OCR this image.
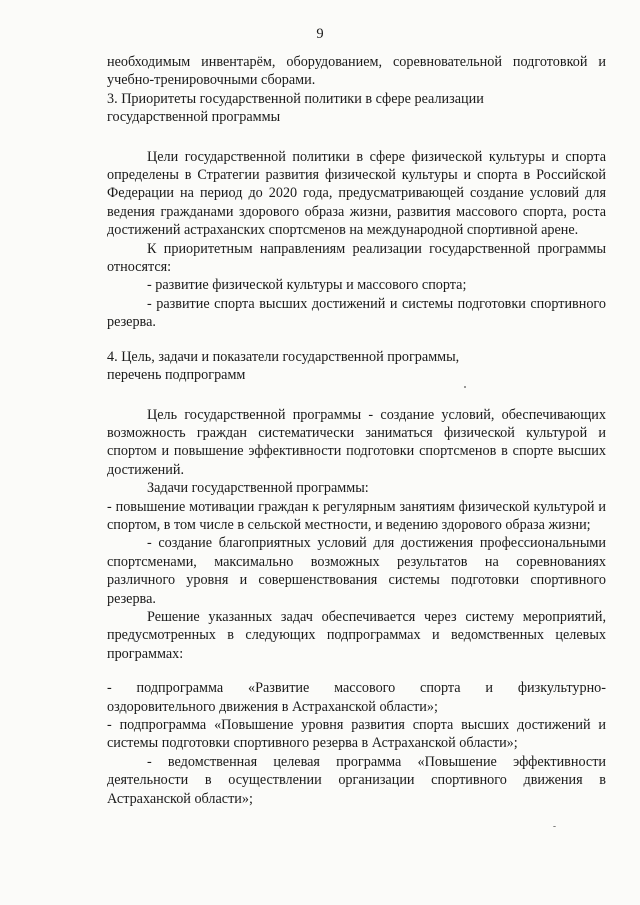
9

необходимым инвентарём, оборудованием, соревновательной подготовкой и учебно-тренировочными сборами.

3. Приоритеты государственной политики в сфере реализации

государственной программы

Цели государственной политики в сфере физической культуры и спорта определены в Стратегии развития физической культуры и спорта в Российской Федерации на период до 2020 года, предусматривающей создание условий для ведения гражданами здорового образа жизни, развития массового спорта, роста достижений астраханских спортсменов на международной спортивной арене.

К приоритетным направлениям реализации государственной программы относятся:

- развитие физической культуры и массового спорта;

- развитие спорта высших достижений и системы подготовки спортивного резерва.

4. Цель, задачи и показатели государственной программы,

перечень подпрограмм

Цель государственной программы - создание условий, обеспечивающих возможность граждан систематически заниматься физической культурой и спортом и повышение эффективности подготовки спортсменов в спорте высших достижений.

Задачи государственной программы:

- повышение мотивации граждан к регулярным занятиям физической культурой и спортом, в том числе в сельской местности, и ведению здорового образа жизни;

- создание благоприятных условий для достижения профессиональными спортсменами, максимально возможных результатов на соревнованиях различного уровня и совершенствования системы подготовки спортивного резерва.

Решение указанных задач обеспечивается через систему мероприятий, предусмотренных в следующих подпрограммах и ведомственных целевых программах:

- подпрограмма «Развитие массового спорта и физкультурно-

оздоровительного движения в Астраханской области»;

- подпрограмма «Повышение уровня развития спорта высших достижений и системы подготовки спортивного резерва в Астраханской области»;

- ведомственная целевая программа «Повышение эффективности деятельности в осуществлении организации спортивного движения в Астраханской области»;
